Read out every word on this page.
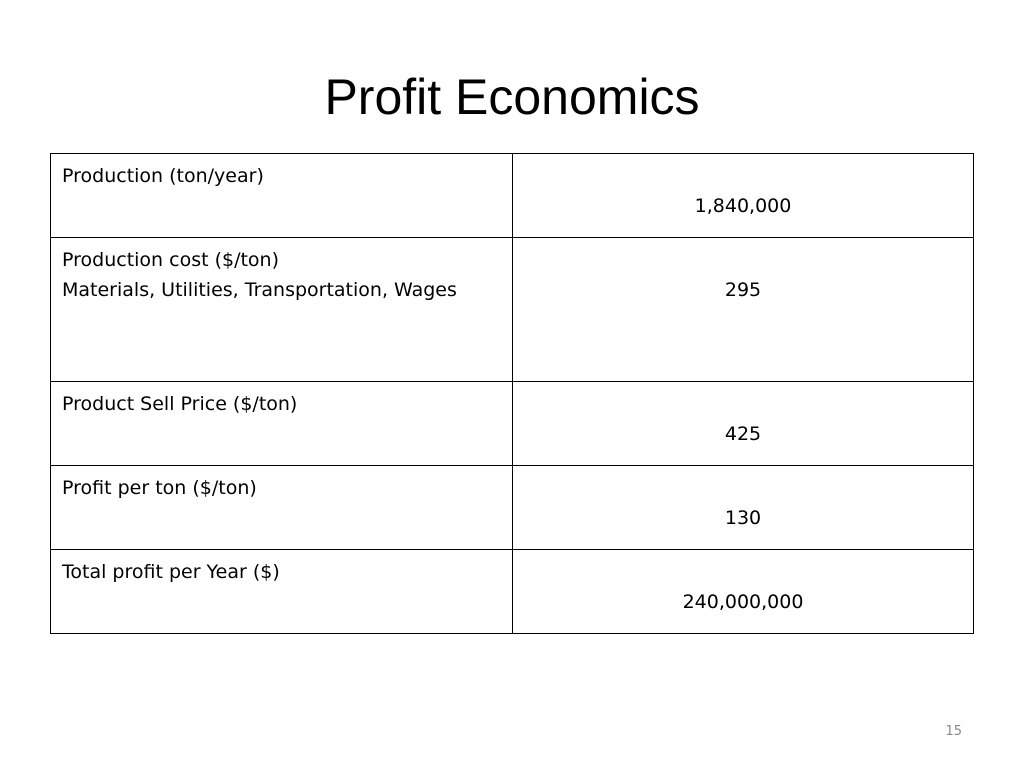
Profit Economics
Production (ton/year)	1,840,000

Production cost ($/ton)
Materials, Utilities, Transportation, Wages	295

Product Sell Price ($/ton)	425

Profit per ton ($/ton)	130

Total profit per Year ($)	240,000,000
15
